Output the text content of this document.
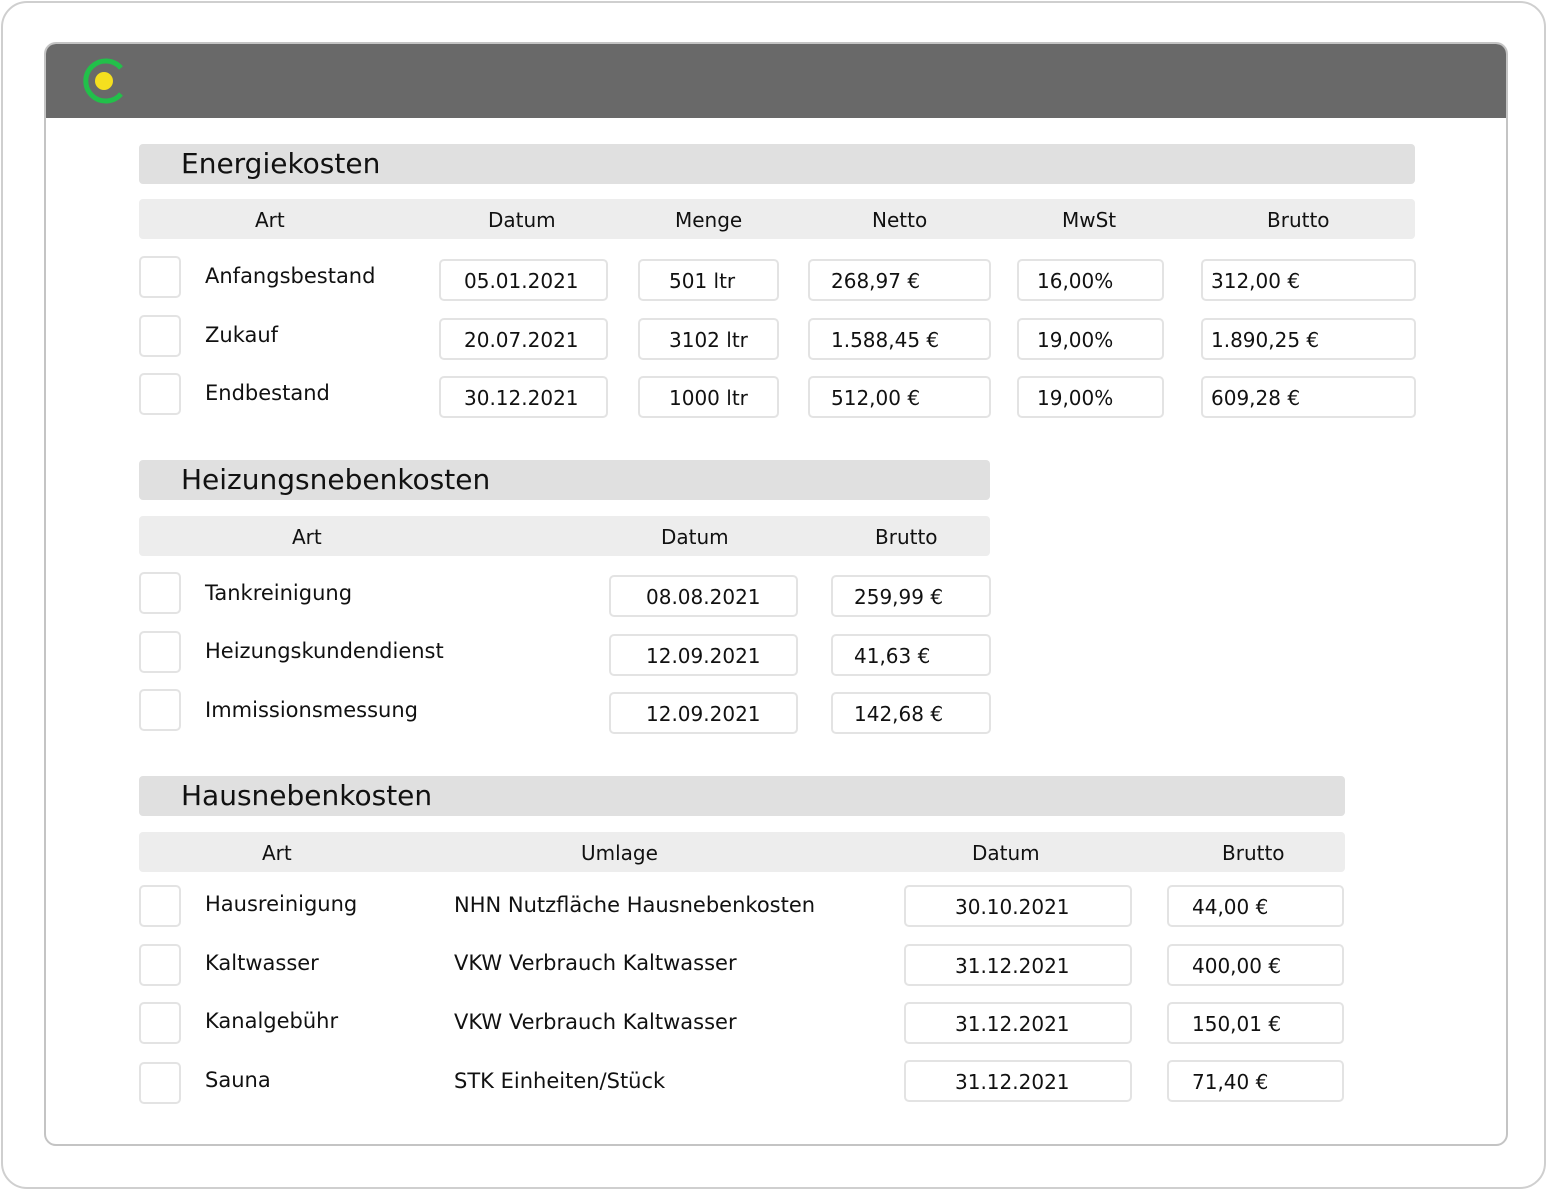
Energiekosten
Art	Datum	Menge	Netto	MwSt	Brutto
Anfangsbestand	05.01.2021	501 ltr	268,97 €	16,00%	312,00 €
Zukauf	20.07.2021	3102 ltr	1.588,45 €	19,00%	1.890,25 €
Endbestand	30.12.2021	1000 ltr	512,00 €	19,00%	609,28 €
Heizungsnebenkosten
Art	Datum	Brutto
Tankreinigung	08.08.2021	259,99 €
Heizungskundendienst	12.09.2021	41,63 €
Immissionsmessung	12.09.2021	142,68 €
Hausnebenkosten
Art	Umlage	Datum	Brutto
Hausreinigung	NHN Nutzfläche Hausnebenkosten	30.10.2021	44,00 €
Kaltwasser	VKW Verbrauch Kaltwasser	31.12.2021	400,00 €
Kanalgebühr	VKW Verbrauch Kaltwasser	31.12.2021	150,01 €
Sauna	STK Einheiten/Stück	31.12.2021	71,40 €
